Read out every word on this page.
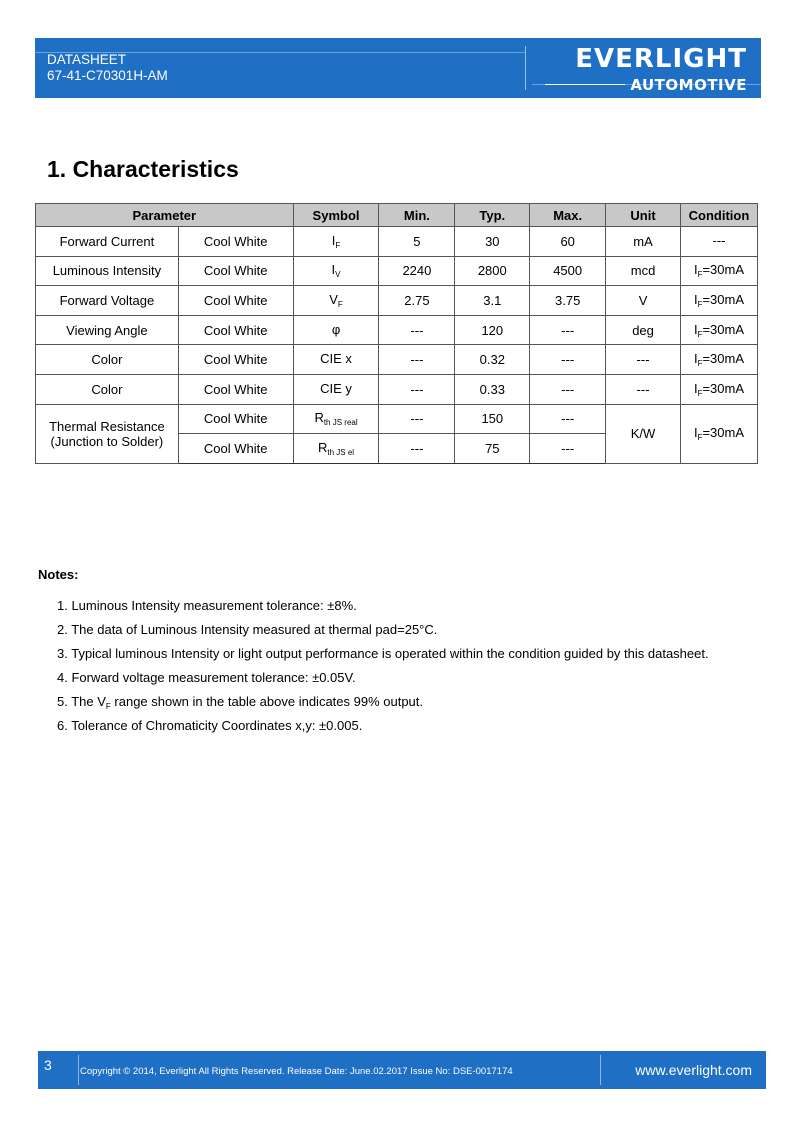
DATASHEET
67-41-C70301H-AM
EVERLIGHT
AUTOMOTIVE
1. Characteristics
Parameter		Symbol	Min.	Typ.	Max.	Unit	Condition
Forward Current	Cool White	$I_F$	5	30	60	mA	---
Luminous Intensity	Cool White	$I_V$	2240	2800	4500	mcd	$I_F=30mA$
Forward Voltage	Cool White	$V_F$	2.75	3.1	3.75	V	$I_F=30mA$
Viewing Angle	Cool White	φ	---	120	---	deg	$I_F=30mA$
Color	Cool White	CIE x	---	0.32	---	---	$I_F=30mA$
Color	Cool White	CIE y	---	0.33	---	---	$I_F=30mA$

Thermal Resistance
(Junction to Solder)	Cool White	$R_{th JS real}$	---	150	---	K/W	$I_F=30mA$
	Cool White	$R_{th JS el}$	---	75	---		
Notes:
1. Luminous Intensity measurement tolerance: ±8%.
2. The data of Luminous Intensity measured at thermal pad=25°C.
3. Typical luminous Intensity or light output performance is operated within the condition guided by this datasheet.
4. Forward voltage measurement tolerance: ±0.05V.
5. The $V_F$ range shown in the table above indicates 99% output.
6. Tolerance of Chromaticity Coordinates x,y: ±0.005.
3	Copyright © 2014, Everlight All Rights Reserved. Release Date: June.02.2017 Issue No: DSE-0017174	www.everlight.com
